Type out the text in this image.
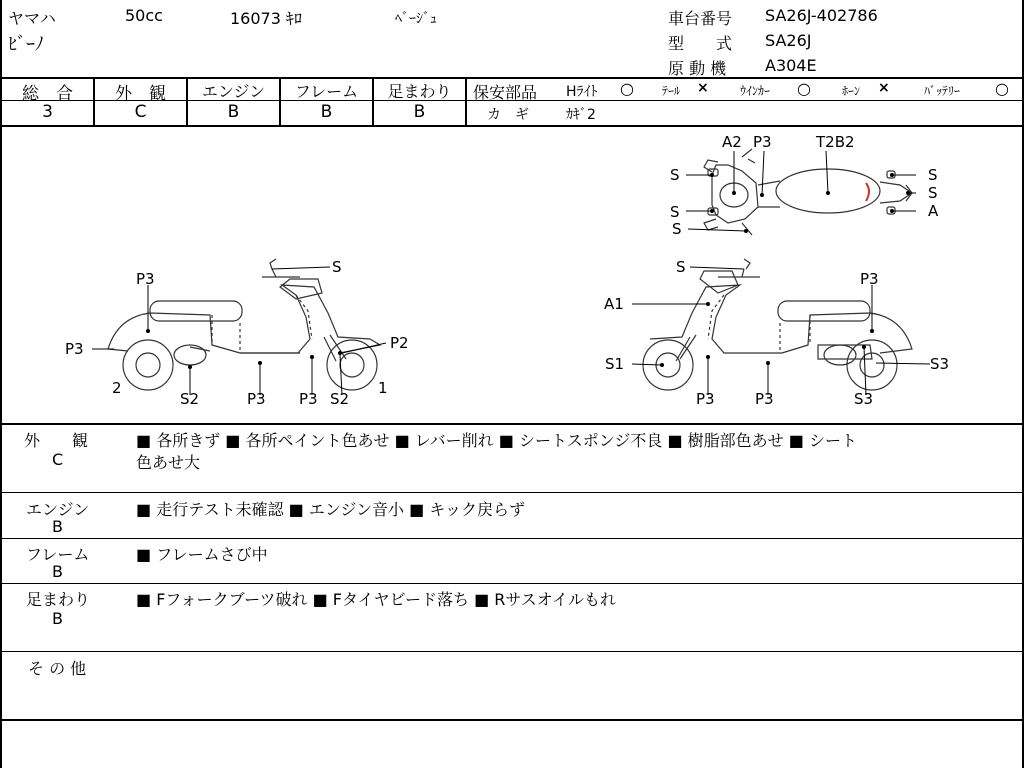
ヤマハ	50cc	16073 ｷﾛ	ﾍﾞｰｼﾞｭ
ﾋﾞｰﾉ
車台番号 SA26J-402786
型　　式 SA26J
原 動 機 A304E
総　合
3
外　観
C
エンジン
B
フレーム
B
足まわり
B
保安部品 Hﾗｲﾄ ○ ﾃｰﾙ ×	ｳｲﾝｶｰ ○	ﾎｰﾝ ×	ﾊﾞｯﾃﾘｰ ○
カ　ギ	ｶｷﾞ2
A2 P3	T2B2
S
S
S
S
S
A
S
P3
P3	P2
2	1
S2	P3 P3 S2
S
A1
P3
S1	S3
P3	P3	S3
外　　観
C
■ 各所きず ■ 各所ペイント色あせ ■ レバー削れ ■ シートスポンジ不良 ■ 樹脂部色あせ ■ シート
色あせ大
エンジン
B
■ 走行テスト未確認 ■ エンジン音小 ■ キック戻らず
フレーム
B
■ フレームさび中
足まわり
B
■ Fフォークブーツ破れ ■ Fタイヤビード落ち ■ Rサスオイルもれ
そ の 他
